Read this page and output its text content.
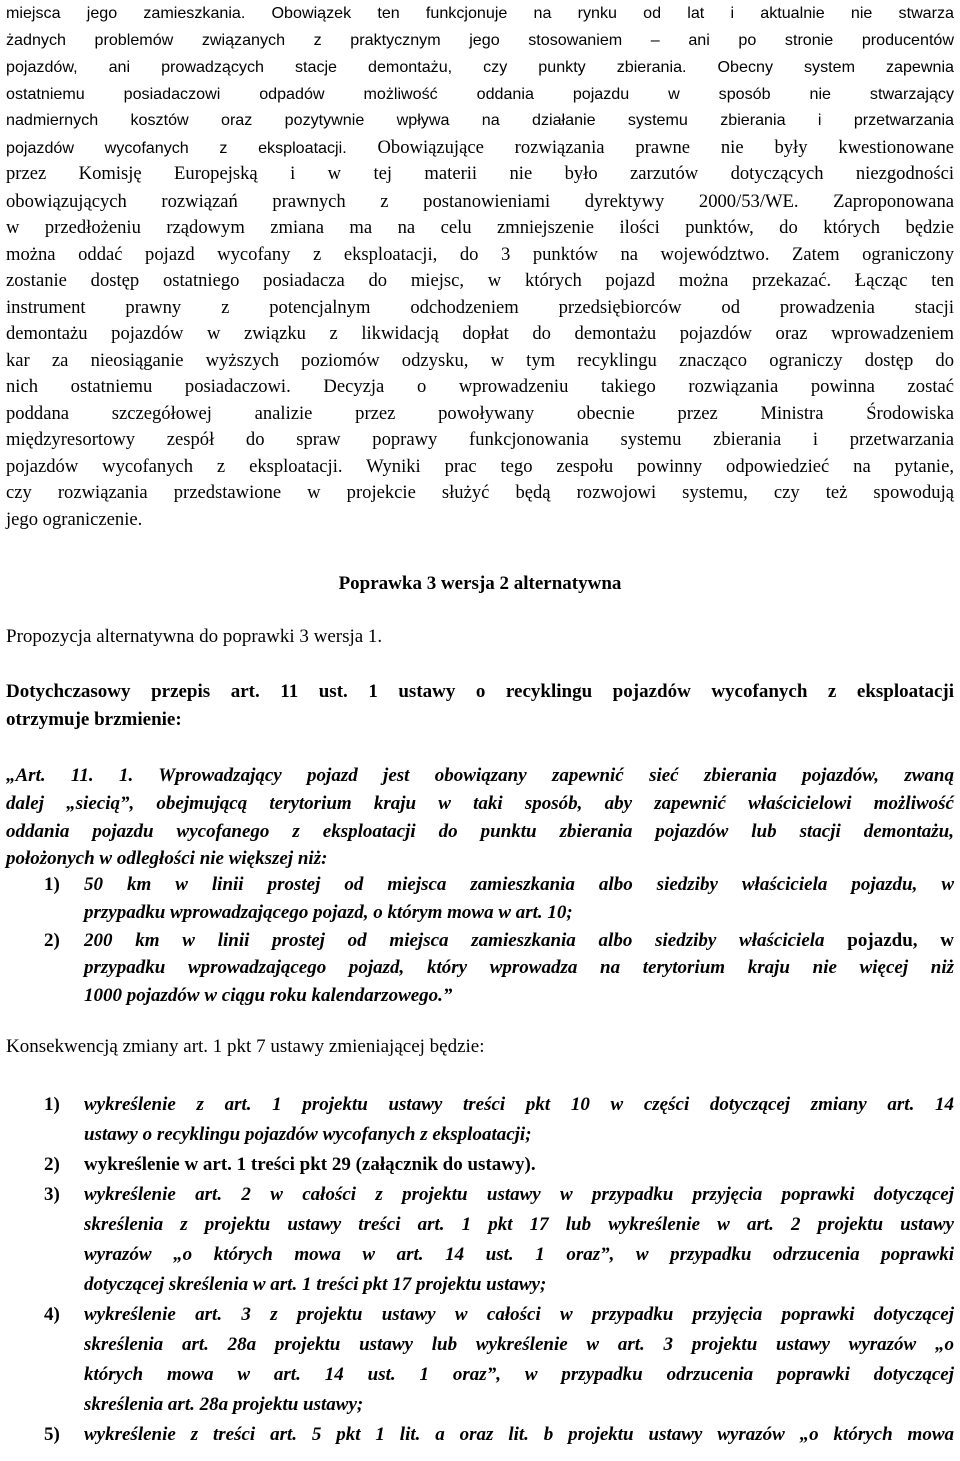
miejsca jego zamieszkania. Obowiązek ten funkcjonuje na rynku od lat i aktualnie nie stwarza
żadnych problemów związanych z praktycznym jego stosowaniem – ani po stronie producentów
pojazdów, ani prowadzących stacje demontażu, czy punkty zbierania. Obecny system zapewnia
ostatniemu posiadaczowi odpadów możliwość oddania pojazdu w sposób nie stwarzający
nadmiernych kosztów oraz pozytywnie wpływa na działanie systemu zbierania i przetwarzania
pojazdów wycofanych z eksploatacji. Obowiązujące rozwiązania prawne nie były kwestionowane
przez Komisję Europejską i w tej materii nie było zarzutów dotyczących niezgodności
obowiązujących rozwiązań prawnych z postanowieniami dyrektywy 2000/53/WE. Zaproponowana
w przedłożeniu rządowym zmiana ma na celu zmniejszenie ilości punktów, do których będzie
można oddać pojazd wycofany z eksploatacji, do 3 punktów na województwo. Zatem ograniczony
zostanie dostęp ostatniego posiadacza do miejsc, w których pojazd można przekazać. Łącząc ten
instrument prawny z potencjalnym odchodzeniem przedsiębiorców od prowadzenia stacji
demontażu pojazdów w związku z likwidacją dopłat do demontażu pojazdów oraz wprowadzeniem
kar za nieosiąganie wyższych poziomów odzysku, w tym recyklingu znacząco ograniczy dostęp do
nich ostatniemu posiadaczowi. Decyzja o wprowadzeniu takiego rozwiązania powinna zostać
poddana szczegółowej analizie przez powoływany obecnie przez Ministra Środowiska
międzyresortowy zespół do spraw poprawy funkcjonowania systemu zbierania i przetwarzania
pojazdów wycofanych z eksploatacji. Wyniki prac tego zespołu powinny odpowiedzieć na pytanie,
czy rozwiązania przedstawione w projekcie służyć będą rozwojowi systemu, czy też spowodują
jego ograniczenie.
Poprawka 3 wersja 2 alternatywna
Propozycja alternatywna do poprawki 3 wersja 1.
Dotychczasowy przepis art. 11 ust. 1 ustawy o recyklingu pojazdów wycofanych z eksploatacji
otrzymuje brzmienie:
„Art. 11. 1. Wprowadzający pojazd jest obowiązany zapewnić sieć zbierania pojazdów, zwaną
dalej „siecią”, obejmującą terytorium kraju w taki sposób, aby zapewnić właścicielowi możliwość
oddania pojazdu wycofanego z eksploatacji do punktu zbierania pojazdów lub stacji demontażu,
położonych w odległości nie większej niż:
1) 50 km w linii prostej od miejsca zamieszkania albo siedziby właściciela pojazdu, w
przypadku wprowadzającego pojazd, o którym mowa w art. 10;
2) 200 km w linii prostej od miejsca zamieszkania albo siedziby właściciela pojazdu, w
przypadku wprowadzającego pojazd, który wprowadza na terytorium kraju nie więcej niż
1000 pojazdów w ciągu roku kalendarzowego.”
Konsekwencją zmiany art. 1 pkt 7 ustawy zmieniającej będzie:
1) wykreślenie z art. 1 projektu ustawy treści pkt 10 w części dotyczącej zmiany art. 14
ustawy o recyklingu pojazdów wycofanych z eksploatacji;
2) wykreślenie w art. 1 treści pkt 29 (załącznik do ustawy).
3) wykreślenie art. 2 w całości z projektu ustawy w przypadku przyjęcia poprawki dotyczącej
skreślenia z projektu ustawy treści art. 1 pkt 17 lub wykreślenie w art. 2 projektu ustawy
wyrazów „o których mowa w art. 14 ust. 1 oraz”, w przypadku odrzucenia poprawki
dotyczącej skreślenia w art. 1 treści pkt 17 projektu ustawy;
4) wykreślenie art. 3 z projektu ustawy w całości w przypadku przyjęcia poprawki dotyczącej
skreślenia art. 28a projektu ustawy lub wykreślenie w art. 3 projektu ustawy wyrazów „o
których mowa w art. 14 ust. 1 oraz”, w przypadku odrzucenia poprawki dotyczącej
skreślenia art. 28a projektu ustawy;
5) wykreślenie z treści art. 5 pkt 1 lit. a oraz lit. b projektu ustawy wyrazów „o których mowa
